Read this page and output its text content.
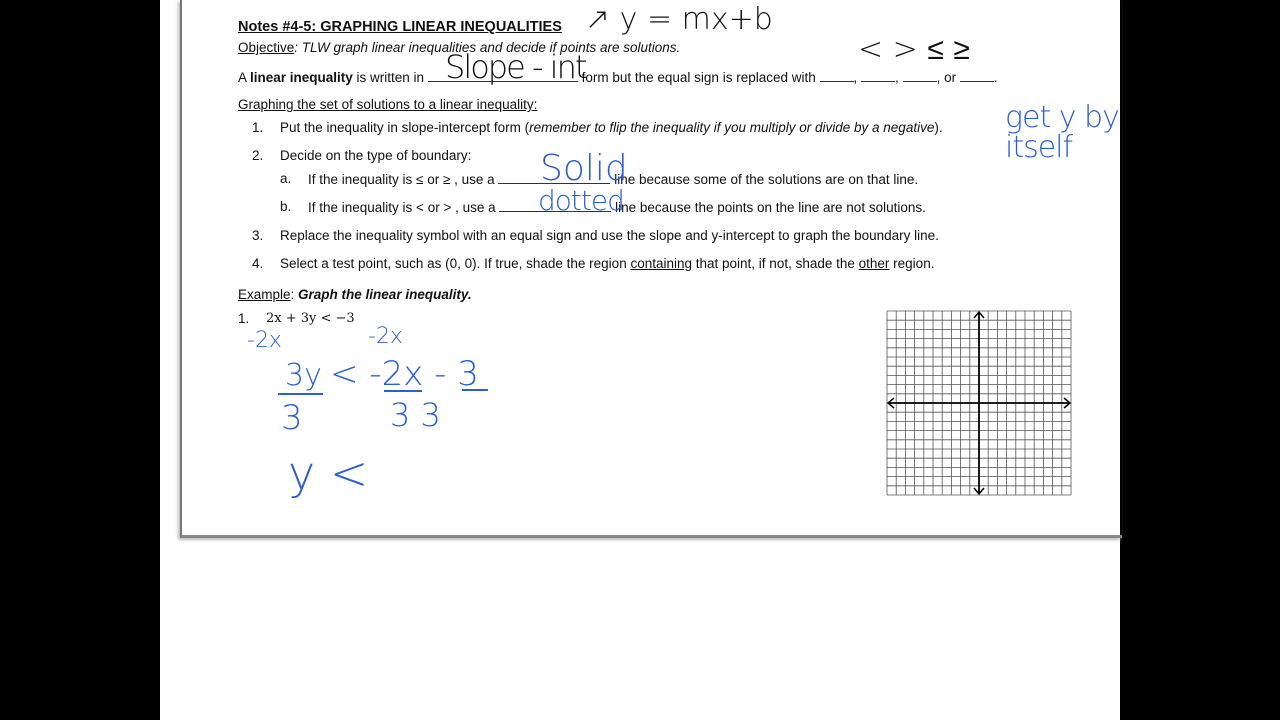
Notes #4-5: GRAPHING LINEAR INEQUALITIES
Objective: TLW graph linear inequalities and decide if points are solutions.
A linear inequality is written in	form but the equal sign is replaced with	,	,	, or	.
Graphing the set of solutions to a linear inequality:
1. Put the inequality in slope-intercept form (remember to flip the inequality if you multiply or divide by a negative).
2. Decide on the type of boundary:
a. If the inequality is ≤ or ≥ , use a	line because some of the solutions are on that line.
b. If the inequality is < or > , use a	line because the points on the line are not solutions.
3. Replace the inequality symbol with an equal sign and use the slope and y-intercept to graph the boundary line.
4. Select a test point, such as (0, 0). If true, shade the region containing that point, if not, shade the other region.
Example: Graph the linear inequality.
1. 2x + 3y < −3
↗ y = mx+b
Slope - int	< > ≤ ≥
get y by
itself
Solid
dotted
-2x	-2x
3y < -2x - 3
3	3 3
y <
